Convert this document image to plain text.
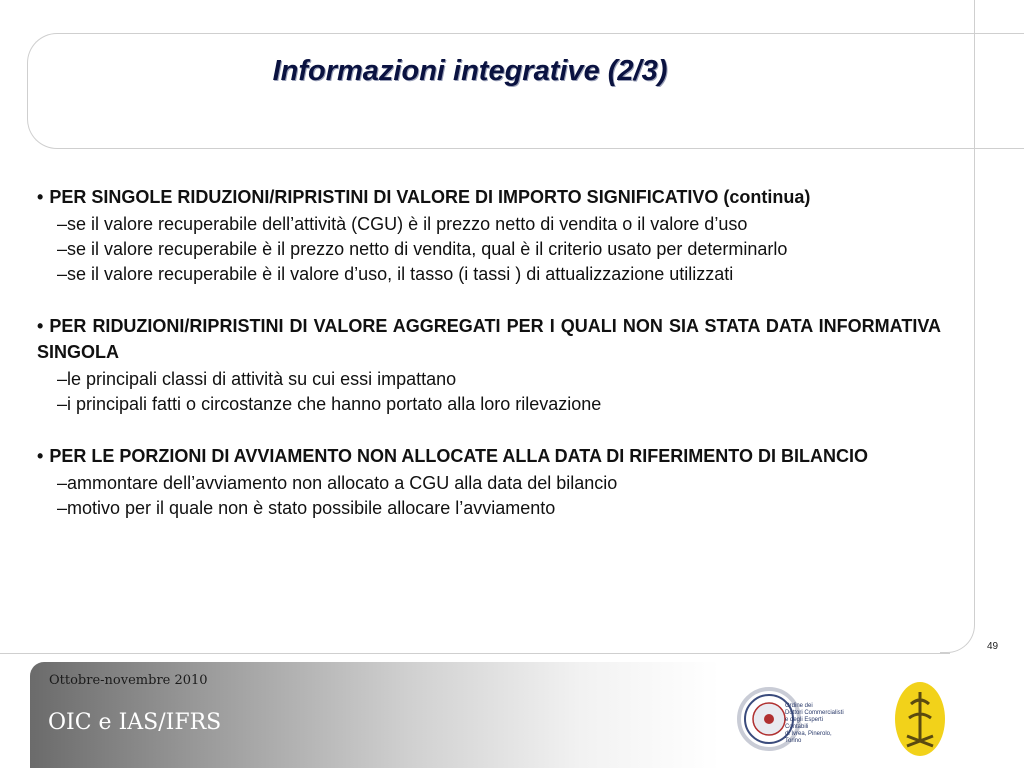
Informazioni integrative (2/3)
• PER SINGOLE RIDUZIONI/RIPRISTINI DI VALORE DI IMPORTO SIGNIFICATIVO (continua)
–se il valore recuperabile dell’attività (CGU) è il prezzo netto di vendita o il valore d’uso
–se il valore recuperabile è il prezzo netto di vendita, qual è il criterio usato per determinarlo
–se il valore recuperabile è il valore d’uso, il tasso (i tassi ) di attualizzazione utilizzati
• PER RIDUZIONI/RIPRISTINI DI VALORE AGGREGATI PER I QUALI NON SIA STATA DATA INFORMATIVA SINGOLA
–le principali classi di attività su cui essi impattano
–i principali fatti o circostanze che hanno portato alla loro rilevazione
• PER LE PORZIONI DI AVVIAMENTO NON ALLOCATE ALLA DATA DI RIFERIMENTO DI BILANCIO
–ammontare dell’avviamento non allocato a CGU alla data del bilancio
–motivo per il quale non è stato possibile allocare l’avviamento
49
Ottobre-novembre 2010
OIC e IAS/IFRS
Ordine dei
Dottori Commercialisti
e degli Esperti Contabili
di Ivrea, Pinerolo, Torino
